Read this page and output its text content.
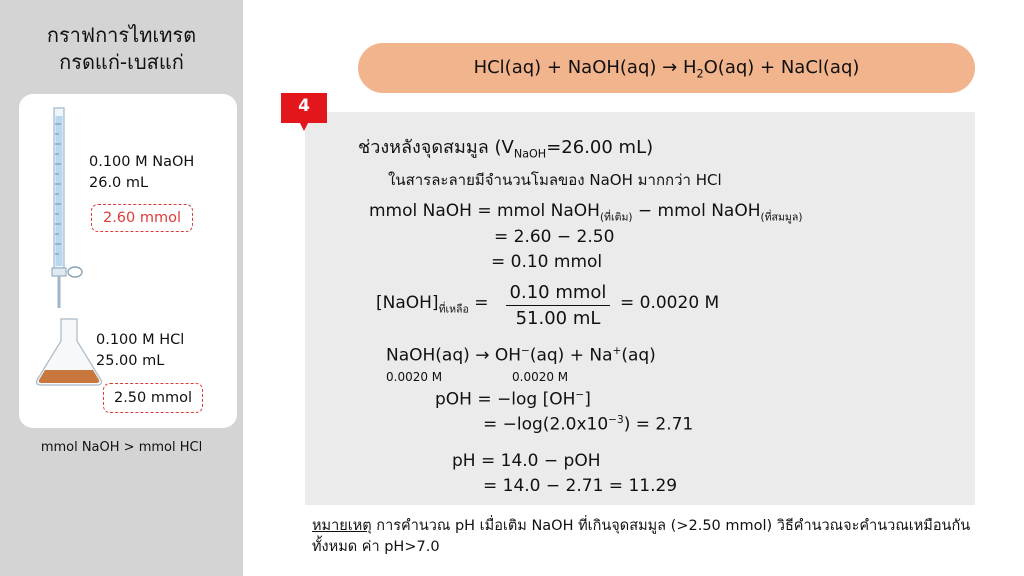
กราฟการไทเทรต
กรดแก่-เบสแก่
0.100 M NaOH
26.0 mL
2.60 mmol
0.100 M HCl
25.00 mL
2.50 mmol
mmol NaOH > mmol HCl
HCl(aq) + NaOH(aq) → $H_2O(aq)$ + NaCl(aq)
4
ช่วงหลังจุดสมมูล ($V_{NaOH}=26.00$ mL)
ในสารละลายมีจำนวนโมลของ NaOH มากกว่า HCl
mmol NaOH = mmol NaOH$_{(ที่เติม)}$ − mmol NaOH$_{(ที่สมมูล)}$
= 2.60 − 2.50
= 0.10 mmol
$[NaOH]_{ที่เหลือ} = 0.10$ mmol
51.00 mL
= 0.0020 M
NaOH(aq) → OH−(aq) + Na+(aq)
0.0020 M	0.0020 M
pOH = −log [OH−]
= $-\log(2.0x10^{-3}) = 2.71$
pH = 14.0 − pOH
= 14.0 − 2.71 = 11.29
หมายเหตุ การคำนวณ pH เมื่อเติม NaOH ที่เกินจุดสมมูล (>2.50 mmol) วิธีคำนวณจะคำนวณเหมือนกันทั้งหมด ค่า pH>7.0
